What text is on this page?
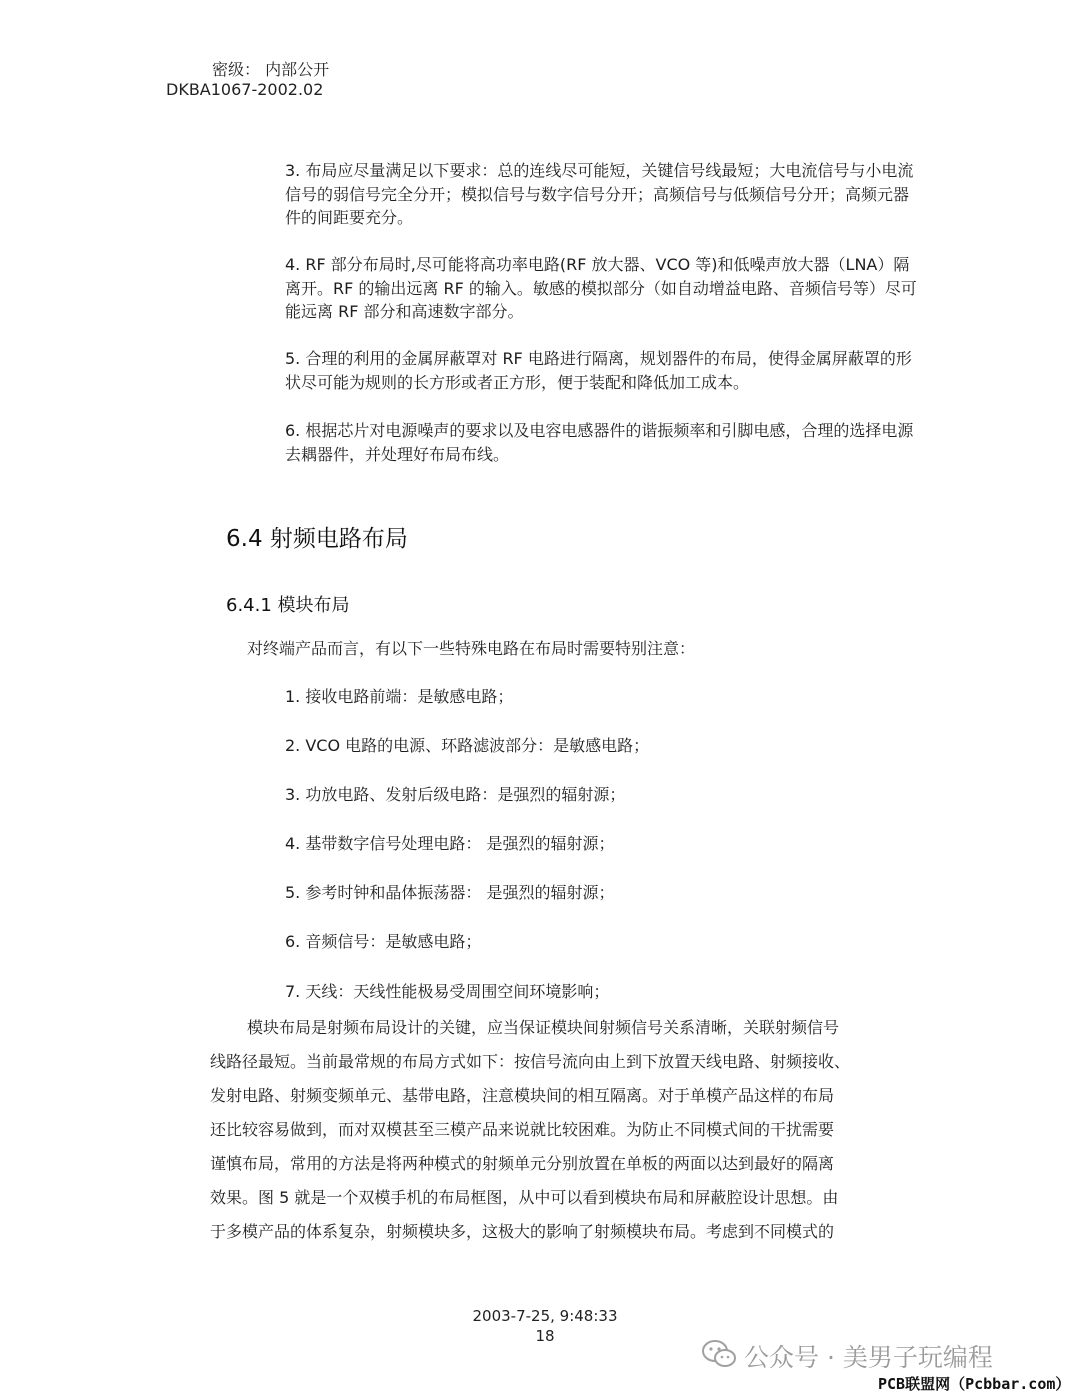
密级： 内部公开
DKBA1067-2002.02
3. 布局应尽量满足以下要求：总的连线尽可能短，关键信号线最短；大电流信号与小电流信号的弱信号完全分开；模拟信号与数字信号分开；高频信号与低频信号分开；高频元器件的间距要充分。
4. RF 部分布局时,尽可能将高功率电路(RF 放大器、VCO 等)和低噪声放大器（LNA）隔离开。RF 的输出远离 RF 的输入。敏感的模拟部分（如自动增益电路、音频信号等）尽可能远离 RF 部分和高速数字部分。
5. 合理的利用的金属屏蔽罩对 RF 电路进行隔离，规划器件的布局，使得金属屏蔽罩的形状尽可能为规则的长方形或者正方形，便于装配和降低加工成本。
6. 根据芯片对电源噪声的要求以及电容电感器件的谐振频率和引脚电感，合理的选择电源去耦器件，并处理好布局布线。
6.4 射频电路布局
6.4.1 模块布局
对终端产品而言，有以下一些特殊电路在布局时需要特别注意：
1. 接收电路前端：是敏感电路；
2. VCO 电路的电源、环路滤波部分：是敏感电路；
3. 功放电路、发射后级电路：是强烈的辐射源；
4. 基带数字信号处理电路： 是强烈的辐射源；
5. 参考时钟和晶体振荡器： 是强烈的辐射源；
6. 音频信号：是敏感电路；
7. 天线：天线性能极易受周围空间环境影响；
模块布局是射频布局设计的关键，应当保证模块间射频信号关系清晰，关联射频信号
线路径最短。当前最常规的布局方式如下：按信号流向由上到下放置天线电路、射频接收、
发射电路、射频变频单元、基带电路，注意模块间的相互隔离。对于单模产品这样的布局
还比较容易做到，而对双模甚至三模产品来说就比较困难。为防止不同模式间的干扰需要
谨慎布局，常用的方法是将两种模式的射频单元分别放置在单板的两面以达到最好的隔离
效果。图 5 就是一个双模手机的布局框图，从中可以看到模块布局和屏蔽腔设计思想。由
于多模产品的体系复杂，射频模块多，这极大的影响了射频模块布局。考虑到不同模式的
2003-7-25, 9:48:33
18
公众号 · 美男子玩编程
PCB联盟网（Pcbbar.com）
